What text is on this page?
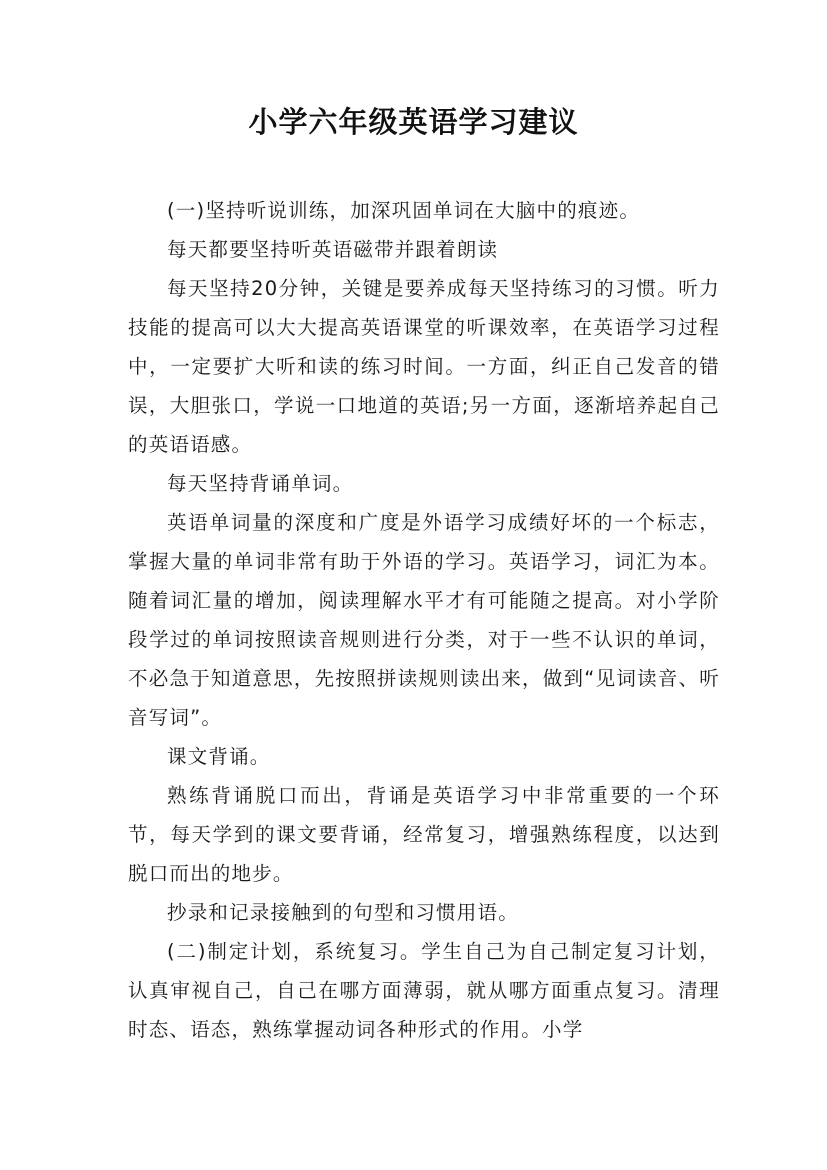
小学六年级英语学习建议

(一)坚持听说训练，加深巩固单词在大脑中的痕迹。

每天都要坚持听英语磁带并跟着朗读

每天坚持20分钟，关键是要养成每天坚持练习的习惯。听力技能的提高可以大大提高英语课堂的听课效率，在英语学习过程中，一定要扩大听和读的练习时间。一方面，纠正自己发音的错误，大胆张口，学说一口地道的英语;另一方面，逐渐培养起自己的英语语感。

每天坚持背诵单词。

英语单词量的深度和广度是外语学习成绩好坏的一个标志，掌握大量的单词非常有助于外语的学习。英语学习，词汇为本。随着词汇量的增加，阅读理解水平才有可能随之提高。对小学阶段学过的单词按照读音规则进行分类，对于一些不认识的单词，不必急于知道意思，先按照拼读规则读出来，做到“见词读音、听音写词”。

课文背诵。

熟练背诵脱口而出，背诵是英语学习中非常重要的一个环节，每天学到的课文要背诵，经常复习，增强熟练程度，以达到脱口而出的地步。

抄录和记录接触到的句型和习惯用语。

(二)制定计划，系统复习。学生自己为自己制定复习计划，认真审视自己，自己在哪方面薄弱，就从哪方面重点复习。清理时态、语态，熟练掌握动词各种形式的作用。小学
